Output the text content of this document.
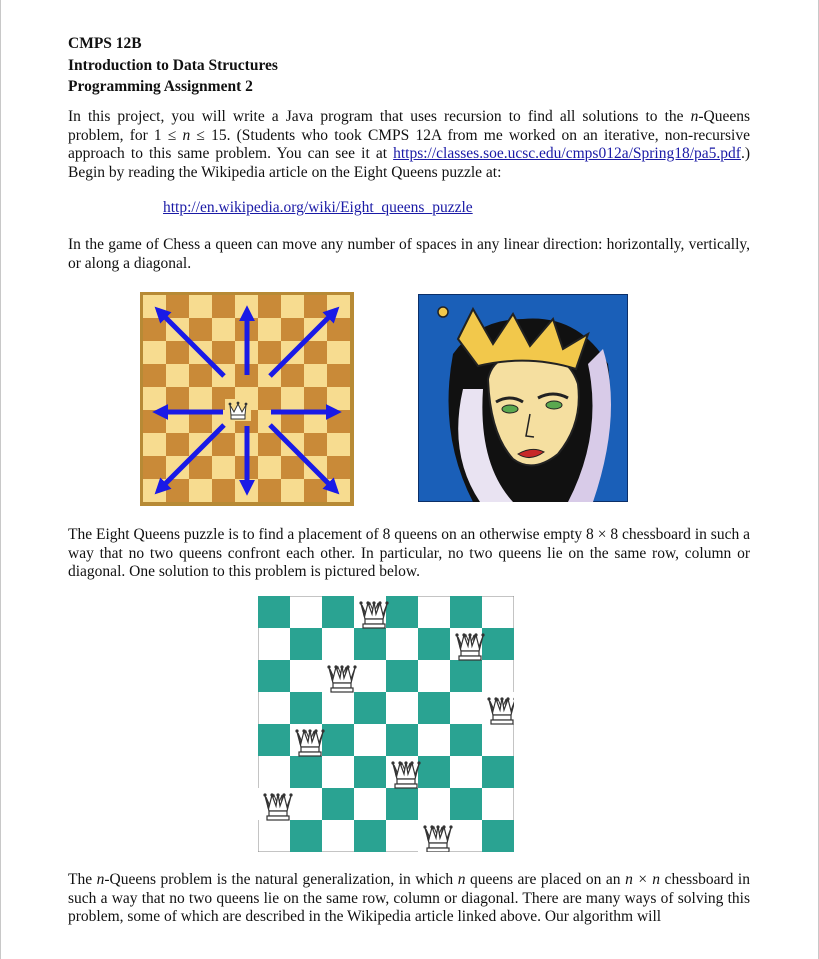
CMPS 12B
Introduction to Data Structures
Programming Assignment 2

In this project, you will write a Java program that uses recursion to find all solutions to the n-Queens problem, for 1 ≤ n ≤ 15. (Students who took CMPS 12A from me worked on an iterative, non-recursive approach to this same problem. You can see it at https://classes.soe.ucsc.edu/cmps012a/Spring18/pa5.pdf.) Begin by reading the Wikipedia article on the Eight Queens puzzle at:

http://en.wikipedia.org/wiki/Eight_queens_puzzle

In the game of Chess a queen can move any number of spaces in any linear direction: horizontally, vertically, or along a diagonal.

The Eight Queens puzzle is to find a placement of 8 queens on an otherwise empty 8 × 8 chessboard in such a way that no two queens confront each other. In particular, no two queens lie on the same row, column or diagonal. One solution to this problem is pictured below.

The n-Queens problem is the natural generalization, in which n queens are placed on an n × n chessboard in such a way that no two queens lie on the same row, column or diagonal. There are many ways of solving this problem, some of which are described in the Wikipedia article linked above. Our algorithm will
